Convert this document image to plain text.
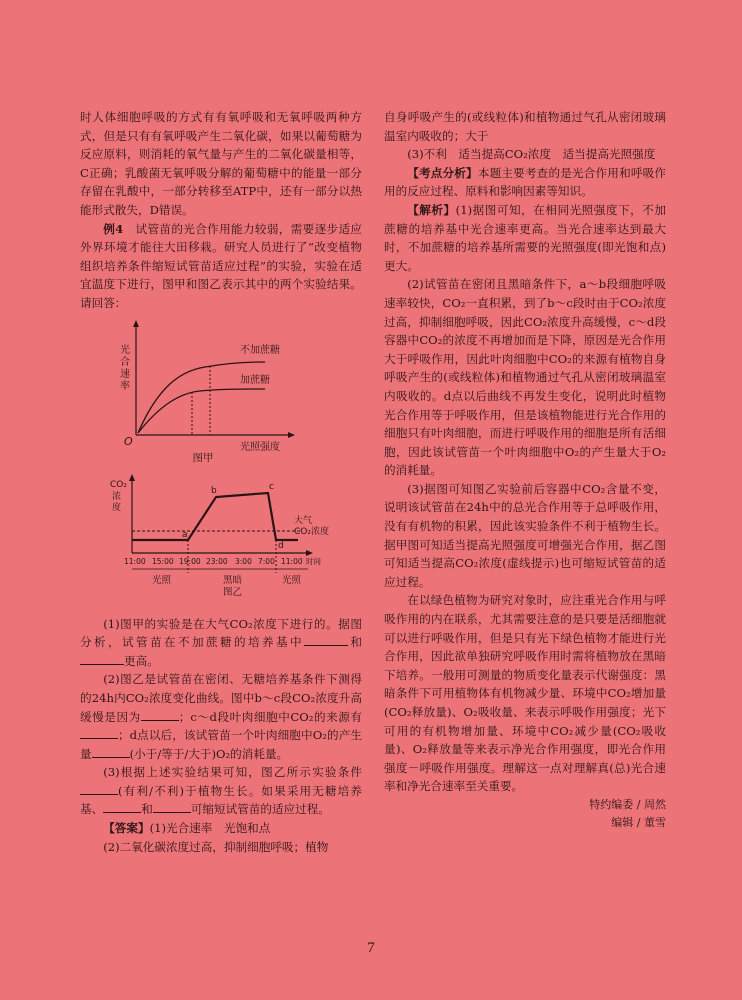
时人体细胞呼吸的方式有有氧呼吸和无氧呼吸两种方式，但是只有有氧呼吸产生二氧化碳，如果以葡萄糖为反应原料，则消耗的氧气量与产生的二氧化碳量相等，C正确；乳酸菌无氧呼吸分解的葡萄糖中的能量一部分存留在乳酸中，一部分转移至ATP中，还有一部分以热能形式散失，D错误。

例4　 试管苗的光合作用能力较弱，需要逐步适应外界环境才能往大田移栽。研究人员进行了“改变植物组织培养条件缩短试管苗适应过程”的实验，实验在适宜温度下进行，图甲和图乙表示其中的两个实验结果。请回答：

光
合
速
率
O
不加蔗糖
加蔗糖
光照强度

图甲

CO₂
浓
度
a
b	c
d
大气
CO₂浓度
11:00 15:00 19:00 23:00 3:00 7:00 11:00 时间
光照	黑暗	光照
图乙

(1)图甲的实验是在大气CO₂浓度下进行的。据图分析，试管苗在不加蔗糖的培养基中	和更高。

(2)图乙是试管苗在密闭、无糖培养基条件下测得的24h内CO₂浓度变化曲线。图中b～c段CO₂浓度升高缓慢是因为	；c～d段叶肉细胞中CO₂的来源有；d点以后，该试管苗一个叶肉细胞中O₂的产生量	(小于/等于/大于)O₂的消耗量。

(3)根据上述实验结果可知，图乙所示实验条件(有利/不利)于植物生长。如果采用无糖培养基、	和	可缩短试管苗的适应过程。

【答案】(1)光合速率　光饱和点

(2)二氧化碳浓度过高，抑制细胞呼吸；植物

自身呼吸产生的(或线粒体)和植物通过气孔从密闭玻璃温室内吸收的；大于

(3)不利　适当提高CO₂浓度　适当提高光照强度

【考点分析】本题主要考查的是光合作用和呼吸作用的反应过程、原料和影响因素等知识。

【解析】(1)据图可知，在相同光照强度下，不加蔗糖的培养基中光合速率更高。当光合速率达到最大时，不加蔗糖的培养基所需要的光照强度(即光饱和点)更大。

(2)试管苗在密闭且黑暗条件下，a～b段细胞呼吸速率较快，CO₂一直积累，到了b～c段时由于CO₂浓度过高，抑制细胞呼吸，因此CO₂浓度升高缓慢，c～d段容器中CO₂的浓度不再增加而是下降，原因是光合作用大于呼吸作用，因此叶肉细胞中CO₂的来源有植物自身呼吸产生的(或线粒体)和植物通过气孔从密闭玻璃温室内吸收的。d点以后曲线不再发生变化，说明此时植物光合作用等于呼吸作用，但是该植物能进行光合作用的细胞只有叶肉细胞，而进行呼吸作用的细胞是所有活细胞，因此该试管苗一个叶肉细胞中O₂的产生量大于O₂的消耗量。

(3)据图可知图乙实验前后容器中CO₂含量不变，说明该试管苗在24h中的总光合作用等于总呼吸作用，没有有机物的积累，因此该实验条件不利于植物生长。据甲图可知适当提高光照强度可增强光合作用，据乙图可知适当提高CO₂浓度(虚线提示)也可缩短试管苗的适应过程。

在以绿色植物为研究对象时，应注重光合作用与呼吸作用的内在联系，尤其需要注意的是只要是活细胞就可以进行呼吸作用，但是只有光下绿色植物才能进行光合作用，因此欲单独研究呼吸作用时需将植物放在黑暗下培养。一般用可测量的物质变化量表示代谢强度：黑暗条件下可用植物体有机物减少量、环境中CO₂增加量(CO₂释放量)、O₂吸收量、来表示呼吸作用强度；光下可用的有机物增加量、环境中CO₂减少量(CO₂吸收量)、O₂释放量等来表示净光合作用强度，即光合作用强度－呼吸作用强度。理解这一点对理解真(总)光合速率和净光合速率至关重要。

特约编委 / 周然

编辑 / 董雪

7
